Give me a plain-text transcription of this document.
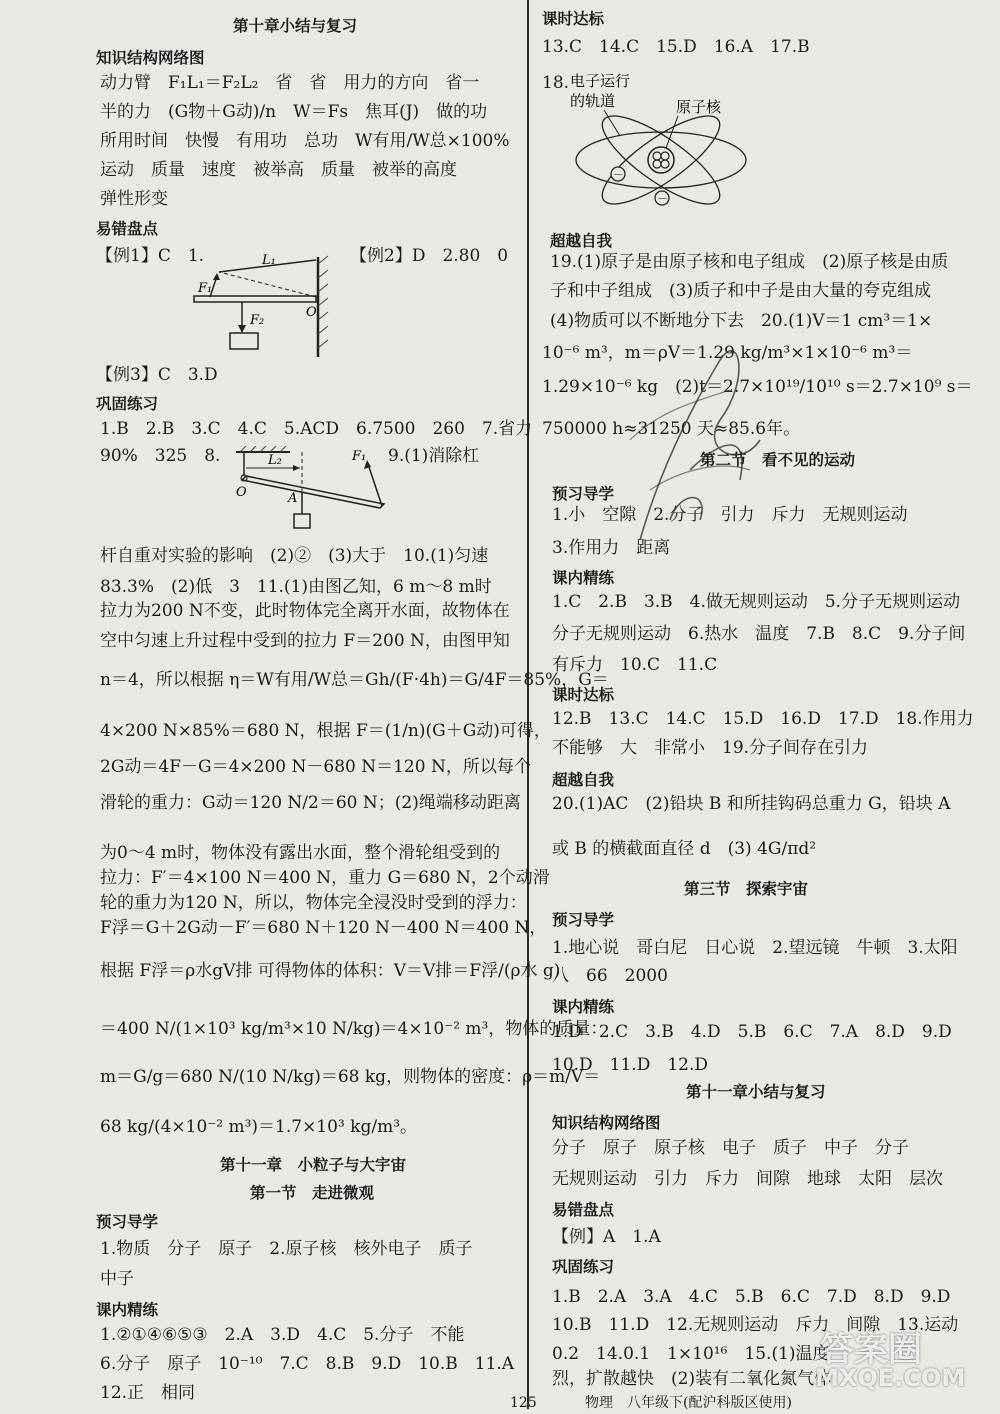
第十章小结与复习
知识结构网络图
动力臂　F₁L₁＝F₂L₂　省　省　用力的方向　省一
半的力　(G物＋G动)/n　W＝Fs　焦耳(J)　做的功
所用时间　快慢　有用功　总功　W有用/W总×100%
运动　质量　速度　被举高　质量　被举的高度
弹性形变
易错盘点
【例1】C　1.	【例2】D　2.80　0
L₁
F₁
O
F₂
【例3】C　3.D
巩固练习
1.B　2.B　3.C　4.C　5.ACD　6.7500　260　7.省力
90%　325　8.	9.(1)消除杠
L₂	F₁
O	A
杆自重对实验的影响　(2)②　(3)大于　10.(1)匀速
83.3%　(2)低　3　11.(1)由图乙知，6 m～8 m时
拉力为200 N不变，此时物体完全离开水面，故物体在
空中匀速上升过程中受到的拉力 F＝200 N，由图甲知
n＝4，所以根据 η＝W有用/W总＝Gh/(F·4h)＝G/4F＝85%，G＝
4×200 N×85%＝680 N，根据 F＝(1/n)(G＋G动)可得，
2G动＝4F－G＝4×200 N－680 N＝120 N，所以每个
滑轮的重力：G动＝120 N/2＝60 N；(2)绳端移动距离
为0～4 m时，物体没有露出水面，整个滑轮组受到的
拉力：F′＝4×100 N＝400 N，重力 G＝680 N，2个动滑
轮的重力为120 N，所以，物体完全浸没时受到的浮力：
F浮＝G＋2G动－F′＝680 N＋120 N－400 N＝400 N，
根据 F浮＝ρ水gV排 可得物体的体积：V＝V排＝F浮/(ρ水 g)
＝400 N/(1×10³ kg/m³×10 N/kg)＝4×10⁻² m³，物体的质量：
m＝G/g＝680 N/(10 N/kg)＝68 kg，则物体的密度：ρ＝m/V＝
68 kg/(4×10⁻² m³)＝1.7×10³ kg/m³。
第十一章　小粒子与大宇宙
第一节　走进微观
预习导学
1.物质　分子　原子　2.原子核　核外电子　质子
中子
课内精练
1.②①④⑥⑤③　2.A　3.D　4.C　5.分子　不能
6.分子　原子　10⁻¹⁰　7.C　8.B　9.D　10.B　11.A
12.正　相同
课时达标
13.C　14.C　15.D　16.A　17.B
18. 电子运行
的轨道	原子核
－
－
超越自我
19.(1)原子是由原子核和电子组成　(2)原子核是由质
子和中子组成　(3)质子和中子是由大量的夸克组成
(4)物质可以不断地分下去　20.(1)V＝1 cm³＝1×
10⁻⁶ m³，m＝ρV＝1.29 kg/m³×1×10⁻⁶ m³＝
1.29×10⁻⁶ kg　(2)t＝2.7×10¹⁹/10¹⁰ s＝2.7×10⁹ s＝
750000 h≈31250 天≈85.6年。
第二节　看不见的运动
预习导学
1.小　空隙　2.分子　引力　斥力　无规则运动
3.作用力　距离
课内精练
1.C　2.B　3.B　4.做无规则运动　5.分子无规则运动
分子无规则运动　6.热水　温度　7.B　8.C　9.分子间
有斥力　10.C　11.C
课时达标
12.B　13.C　14.C　15.D　16.D　17.D　18.作用力
不能够　大　非常小　19.分子间存在引力
超越自我
20.(1)AC　(2)铅块 B 和所挂钩码总重力 G，铅块 A
或 B 的横截面直径 d　(3) 4G/πd²
第三节　探索宇宙
预习导学
1.地心说　哥白尼　日心说　2.望远镜　牛顿　3.太阳
八　66　2000
课内精练
1.D　2.C　3.B　4.D　5.B　6.C　7.A　8.D　9.D
10.D　11.D　12.D
第十一章小结与复习
知识结构网络图
分子　原子　原子核　电子　质子　中子　分子
无规则运动　引力　斥力　间隙　地球　太阳　层次
易错盘点
【例】A　1.A
巩固练习
1.B　2.A　3.A　4.C　5.B　6.C　7.D　8.D　9.D
10.B　11.D　12.无规则运动　斥力　间隙　13.运动
0.2　14.0.1　1×10¹⁶　15.(1)温度
烈，扩散越快　(2)装有二氧化氮气体
125	物理　八年级下(配沪科版区使用)
答案圈
MXQE.COM
